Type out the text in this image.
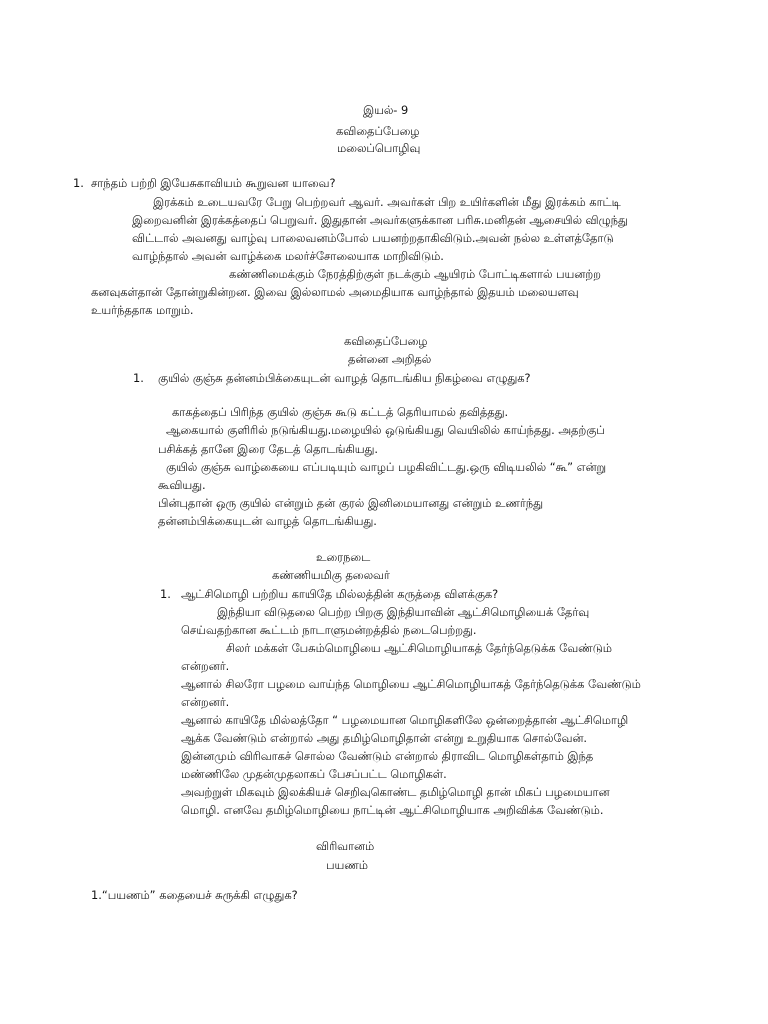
இயல்- 9
கவிதைப்பேழை
மலைப்பொழிவு
1. சாந்தம் பற்றி இயேசுகாவியம் கூறுவன யாவை?
இரக்கம் உடையவரே பேறு பெற்றவர் ஆவர். அவர்கள் பிற உயிர்களின் மீது இரக்கம் காட்டி
இறைவனின் இரக்கத்தைப் பெறுவர். இதுதான் அவர்களுக்கான பரிசு.மனிதன் ஆசையில் விழுந்து
விட்டால் அவனது வாழ்வு பாலைவனம்போல் பயனற்றதாகிவிடும்.அவன் நல்ல உள்ளத்தோடு
வாழ்ந்தால் அவன் வாழ்க்கை மலர்ச்சோலையாக மாறிவிடும்.
கண்ணிமைக்கும் நேரத்திற்குள் நடக்கும் ஆயிரம் போட்டிகளால் பயனற்ற
கனவுகள்தான் தோன்றுகின்றன. இவை இல்லாமல் அமைதியாக வாழ்ந்தால் இதயம் மலையளவு
உயர்ந்ததாக மாறும்.
கவிதைப்பேழை
தன்னை அறிதல்
1. குயில் குஞ்சு தன்னம்பிக்கையுடன் வாழத் தொடங்கிய நிகழ்வை எழுதுக?
காகத்தைப் பிரிந்த குயில் குஞ்சு கூடு கட்டத் தெரியாமல் தவித்தது.
ஆகையால் குளிரில் நடுங்கியது.மழையில் ஒடுங்கியது வெயிலில் காய்ந்தது. அதற்குப்
பசிக்கத் தானே இரை தேடத் தொடங்கியது.
குயில் குஞ்சு வாழ்கையை எப்படியும் வாழப் பழகிவிட்டது.ஒரு விடியலில் “கூ” என்று
கூவியது.
பின்புதான் ஒரு குயில் என்றும் தன் குரல் இனிமையானது என்றும் உணர்ந்து
தன்னம்பிக்கையுடன் வாழத் தொடங்கியது.
உரைநடை
கண்ணியமிகு தலைவர்
1. ஆட்சிமொழி பற்றிய காயிதே மில்லத்தின் கருத்தை விளக்குக?
இந்தியா விடுதலை பெற்ற பிறகு இந்தியாவின் ஆட்சிமொழியைக் தேர்வு
செய்வதற்கான கூட்டம் நாடாளுமன்றத்தில் நடைபெற்றது.
சிலர் மக்கள் பேசும்மொழியை ஆட்சிமொழியாகத் தேர்ந்தெடுக்க வேண்டும்
என்றனர்.
ஆனால் சிலரோ பழமை வாய்ந்த மொழியை ஆட்சிமொழியாகத் தேர்ந்தெடுக்க வேண்டும்
என்றனர்.
ஆனால் காயிதே மில்லத்தோ “ பழமையான மொழிகளிலே ஒன்றைத்தான் ஆட்சிமொழி
ஆக்க வேண்டும் என்றால் அது தமிழ்மொழிதான் என்று உறுதியாக சொல்வேன்.
இன்னமும் விரிவாகச் சொல்ல வேண்டும் என்றால் திராவிட மொழிகள்தாம் இந்த
மண்ணிலே முதன்முதலாகப் பேசப்பட்ட மொழிகள்.
அவற்றுள் மிகவும் இலக்கியச் செறிவுகொண்ட தமிழ்மொழி தான் மிகப் பழமையான
மொழி. எனவே தமிழ்மொழியை நாட்டின் ஆட்சிமொழியாக அறிவிக்க வேண்டும்.
விரிவானம்
பயணம்
1.“பயணம்” கதையைச் சுருக்கி எழுதுக?
